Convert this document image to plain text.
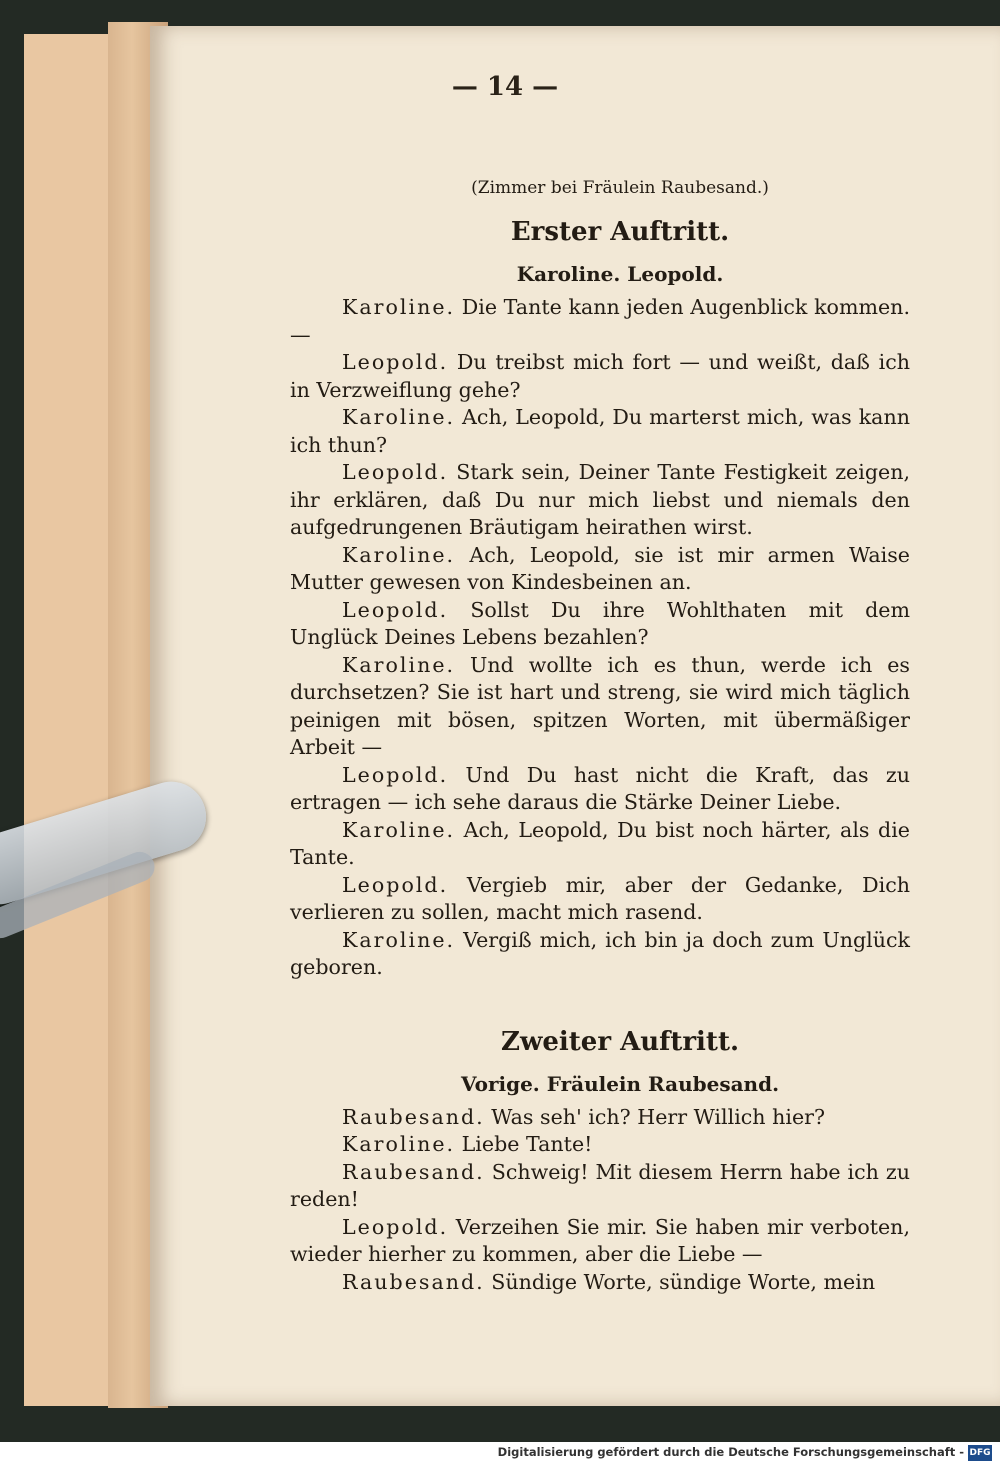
— 14 —
(Zimmer bei Fräulein Raubesand.)
Erster Auftritt.
Karoline. Leopold.

Karoline. Die Tante kann jeden Augenblick kommen. —

Leopold. Du treibst mich fort — und weißt, daß ich in Verzweiflung gehe?

Karoline. Ach, Leopold, Du marterst mich, was kann ich thun?

Leopold. Stark sein, Deiner Tante Festigkeit zeigen, ihr erklären, daß Du nur mich liebst und niemals den aufgedrungenen Bräutigam heirathen wirst.

Karoline. Ach, Leopold, sie ist mir armen Waise Mutter gewesen von Kindesbeinen an.

Leopold. Sollst Du ihre Wohlthaten mit dem Unglück Deines Lebens bezahlen?

Karoline. Und wollte ich es thun, werde ich es durchsetzen? Sie ist hart und streng, sie wird mich täglich peinigen mit bösen, spitzen Worten, mit übermäßiger Arbeit —

Leopold. Und Du hast nicht die Kraft, das zu ertragen — ich sehe daraus die Stärke Deiner Liebe.

Karoline. Ach, Leopold, Du bist noch härter, als die Tante.

Leopold. Vergieb mir, aber der Gedanke, Dich verlieren zu sollen, macht mich rasend.

Karoline. Vergiß mich, ich bin ja doch zum Unglück geboren.

Zweiter Auftritt.
Vorige. Fräulein Raubesand.

Raubesand. Was seh' ich? Herr Willich hier?

Karoline. Liebe Tante!

Raubesand. Schweig! Mit diesem Herrn habe ich zu reden!

Leopold. Verzeihen Sie mir. Sie haben mir verboten, wieder hierher zu kommen, aber die Liebe —

Raubesand. Sündige Worte, sündige Worte, mein

Digitalisierung gefördert durch die Deutsche Forschungsgemeinschaft - DFG
